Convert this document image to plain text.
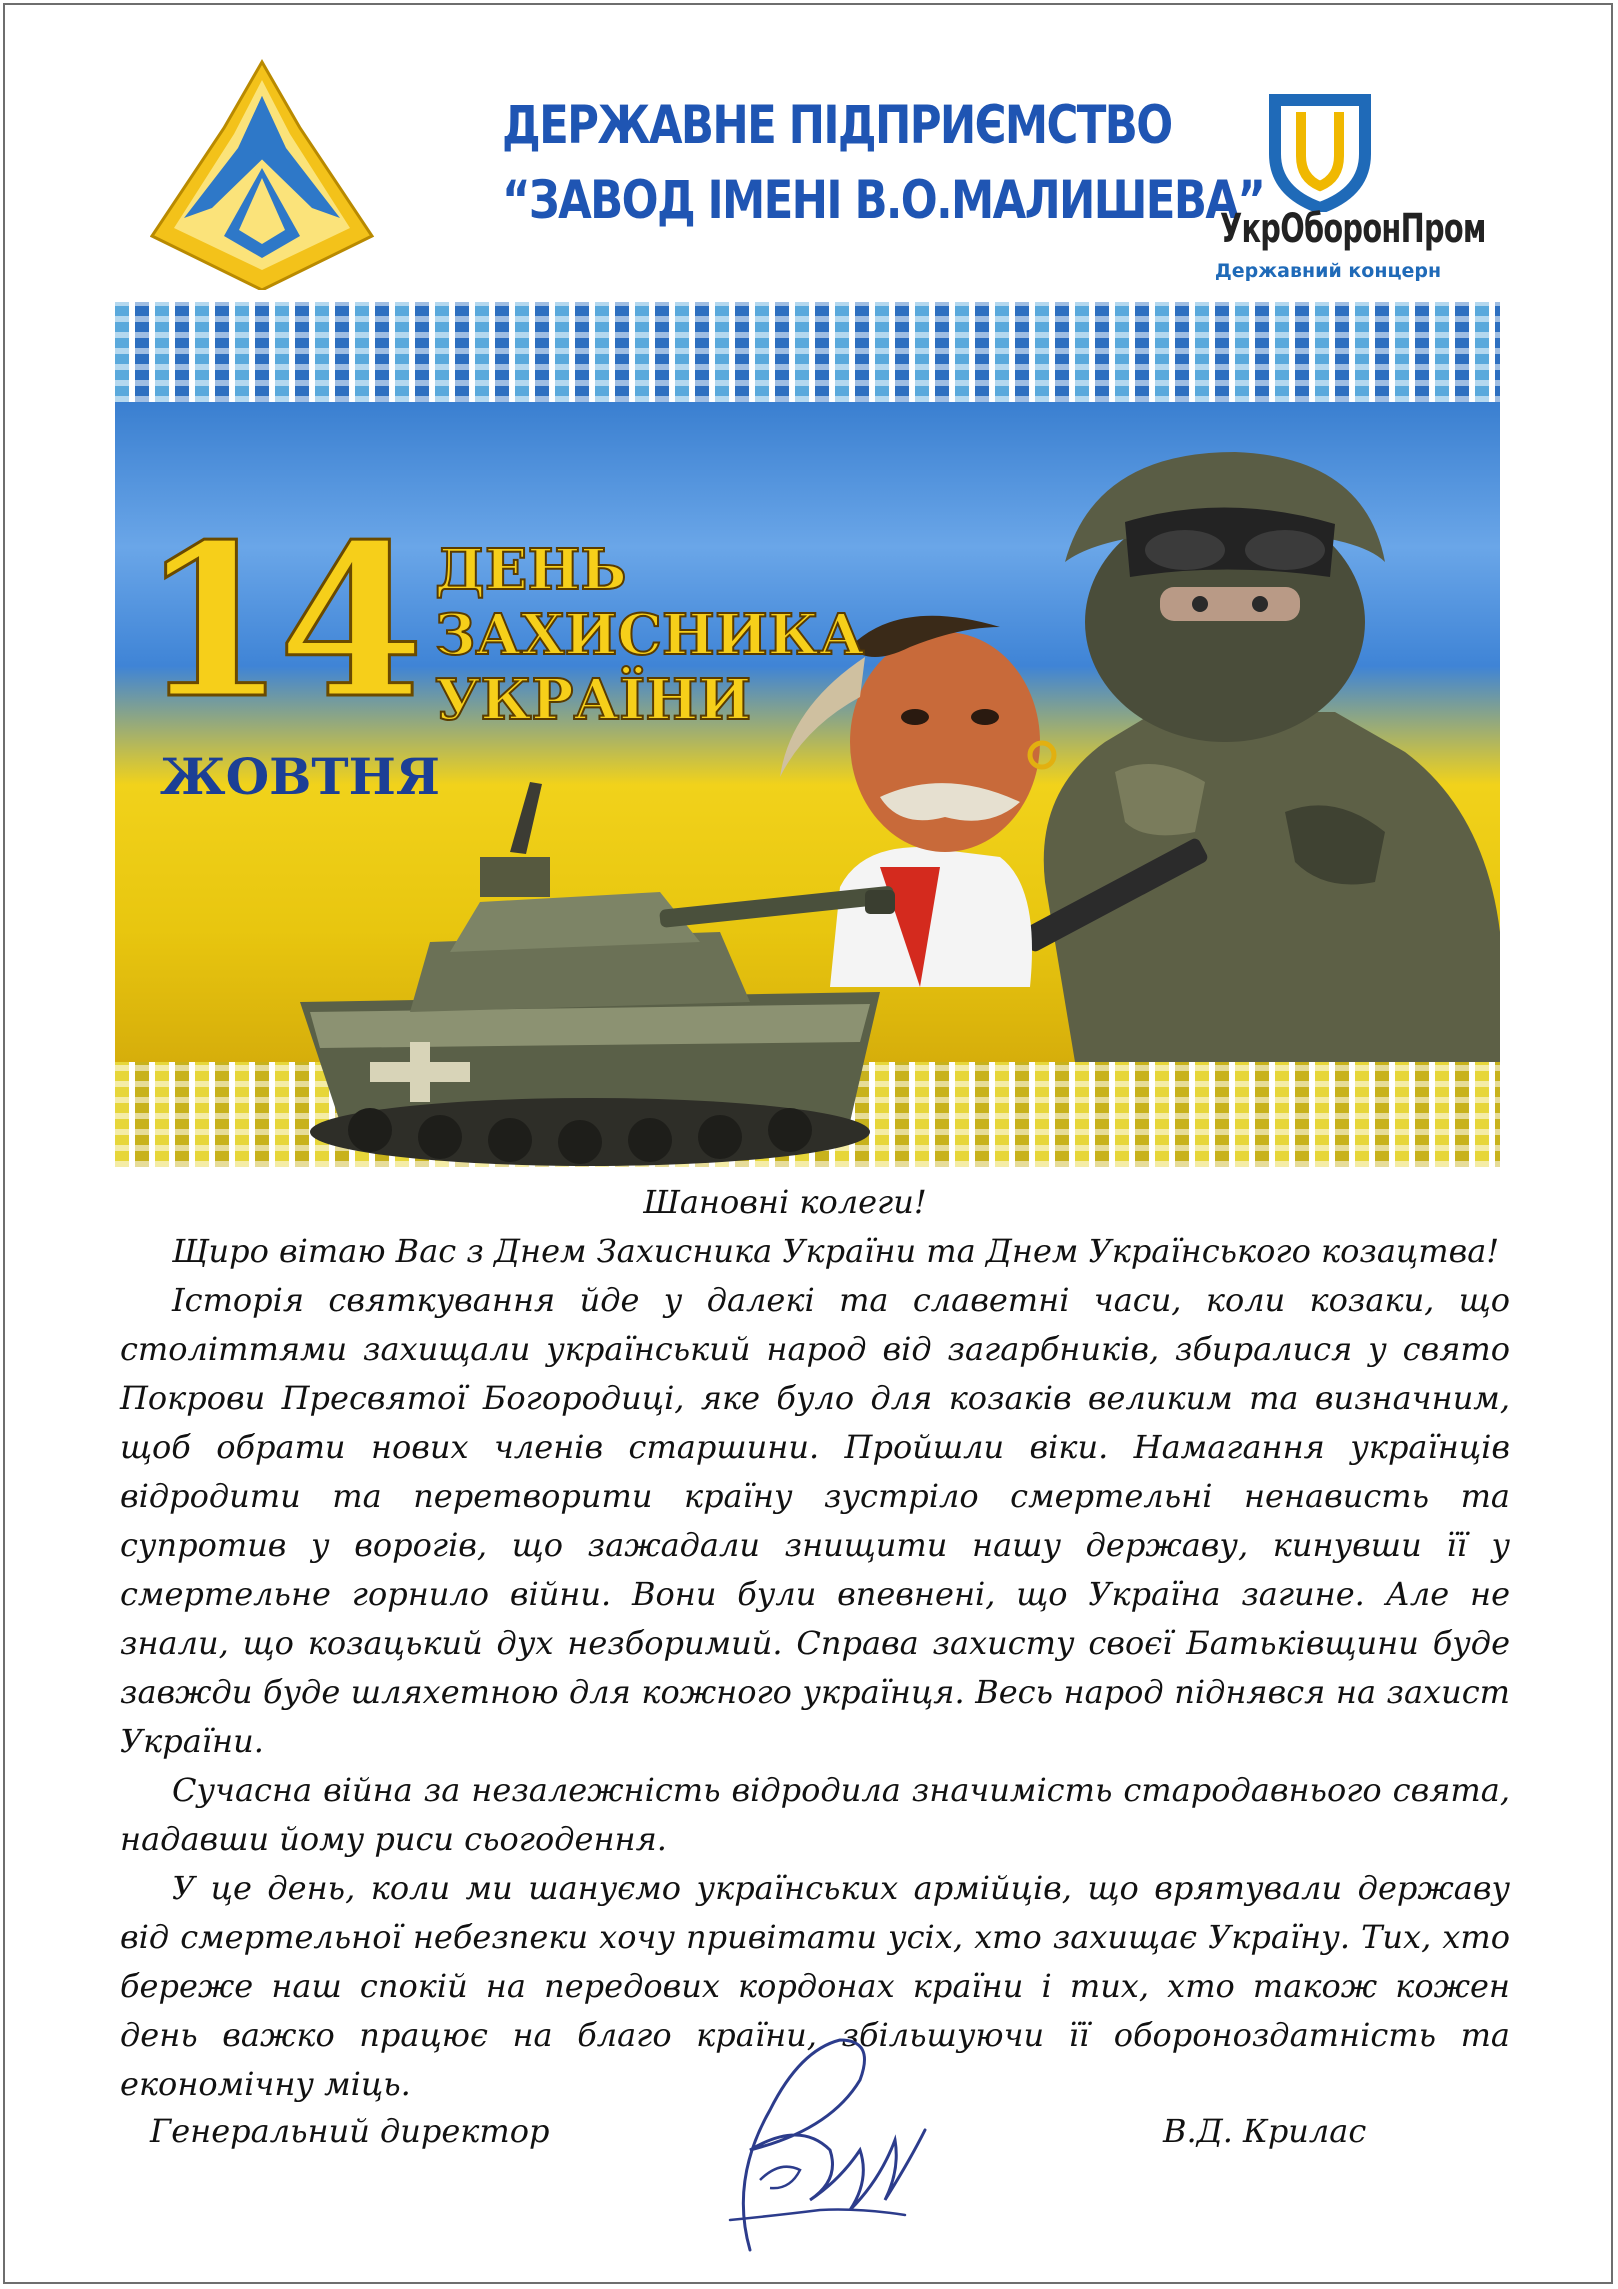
ДЕРЖАВНЕ ПІДПРИЄМСТВО
“ЗАВОД ІМЕНІ В.О.МАЛИШЕВА”
УкрОборонПром
Державний концерн
14 ДЕНЬ
ЗАХИСНИКА
УКРАЇНИ
ЖОВТНЯ

Шановні колеги!

Щиро вітаю Вас з Днем Захисника України та Днем Українського козацтва!

Історія святкування йде у далекі та славетні часи, коли козаки, що століттями захищали український народ від загарбників, збиралися у свято Покрови Пресвятої Богородиці, яке було для козаків великим та визначним, щоб обрати нових членів старшини. Пройшли віки. Намагання українців відродити та перетворити країну зустріло смертельні ненависть та супротив у ворогів, що зажадали знищити нашу державу, кинувши її у смертельне горнило війни. Вони були впевнені, що Україна загине. Але не знали, що козацький дух незборимий. Справа захисту своєї Батьківщини буде завжди буде шляхетною для кожного українця. Весь народ піднявся на захист України.

Сучасна війна за незалежність відродила значимість стародавнього свята, надавши йому риси сьогодення.

У це день, коли ми шануємо українських армійців, що врятували державу від смертельної небезпеки хочу привітати усіх, хто захищає Україну. Тих, хто береже наш спокій на передових кордонах країни і тих, хто також кожен день важко працює на благо країни, збільшуючи її обороноздатність та економічну міць.

Генеральний директор	В.Д. Крилас
